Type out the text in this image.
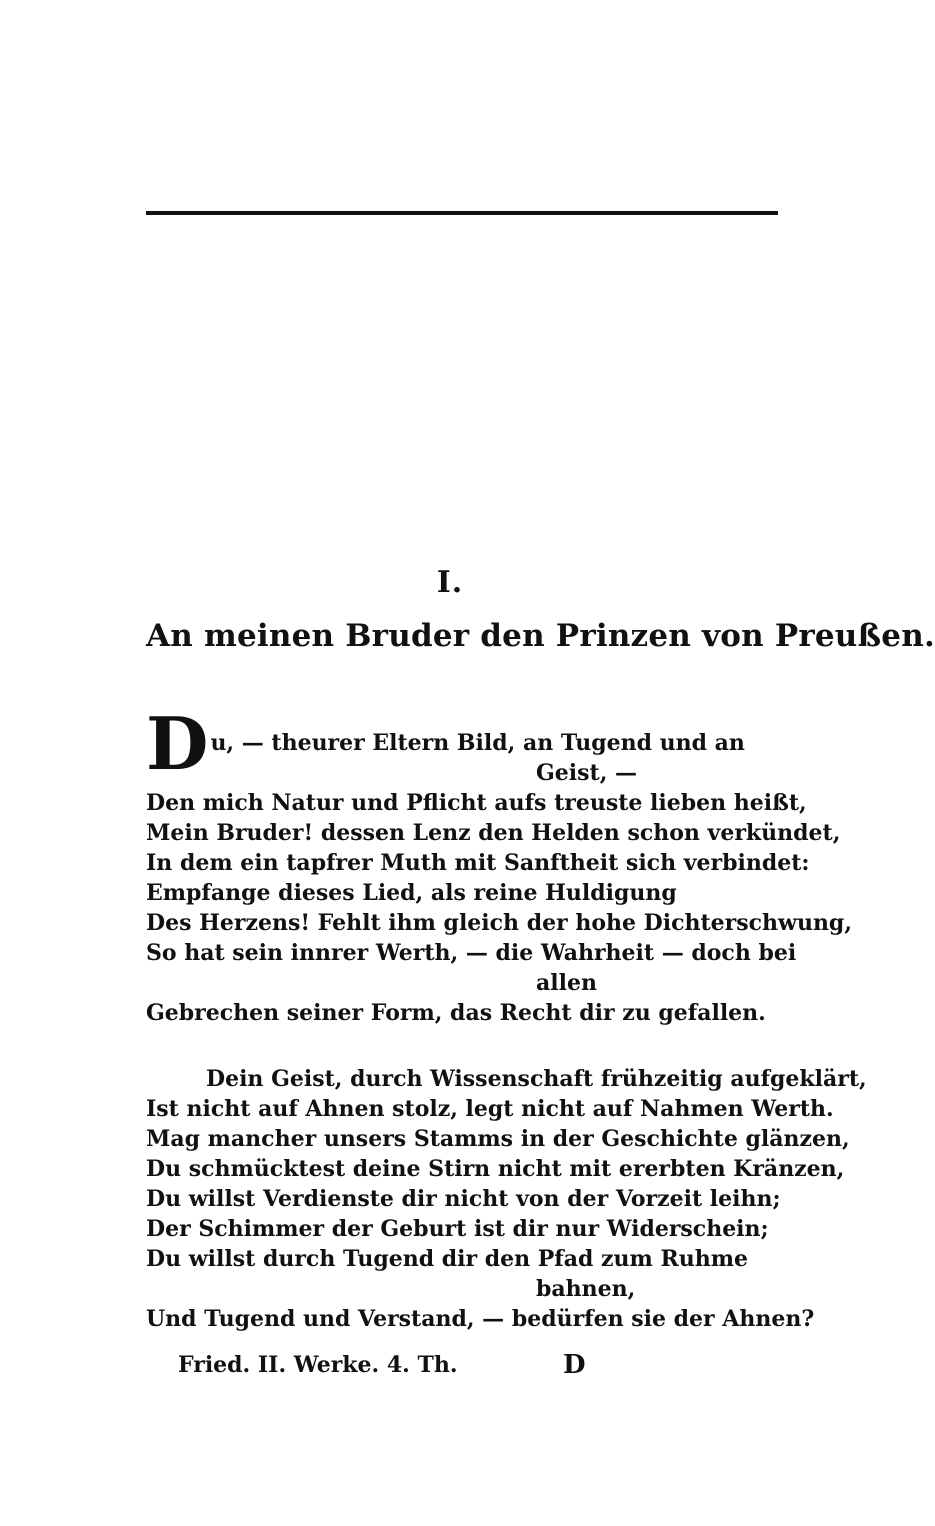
I.
An meinen Bruder den Prinzen von Preußen.
D u, — theurer Eltern Bild, an Tugend und an
Geist, —
Den mich Natur und Pflicht aufs treuste lieben heißt,
Mein Bruder! dessen Lenz den Helden schon verkündet,
In dem ein tapfrer Muth mit Sanftheit sich verbindet:
Empfange dieses Lied, als reine Huldigung
Des Herzens! Fehlt ihm gleich der hohe Dichterschwung,
So hat sein innrer Werth, — die Wahrheit — doch bei
allen
Gebrechen seiner Form, das Recht dir zu gefallen.
Dein Geist, durch Wissenschaft frühzeitig aufgeklärt,
Ist nicht auf Ahnen stolz, legt nicht auf Nahmen Werth.
Mag mancher unsers Stamms in der Geschichte glänzen,
Du schmücktest deine Stirn nicht mit ererbten Kränzen,
Du willst Verdienste dir nicht von der Vorzeit leihn;
Der Schimmer der Geburt ist dir nur Widerschein;
Du willst durch Tugend dir den Pfad zum Ruhme
bahnen,
Und Tugend und Verstand, — bedürfen sie der Ahnen?
Fried. II. Werke. 4. Th.	D
